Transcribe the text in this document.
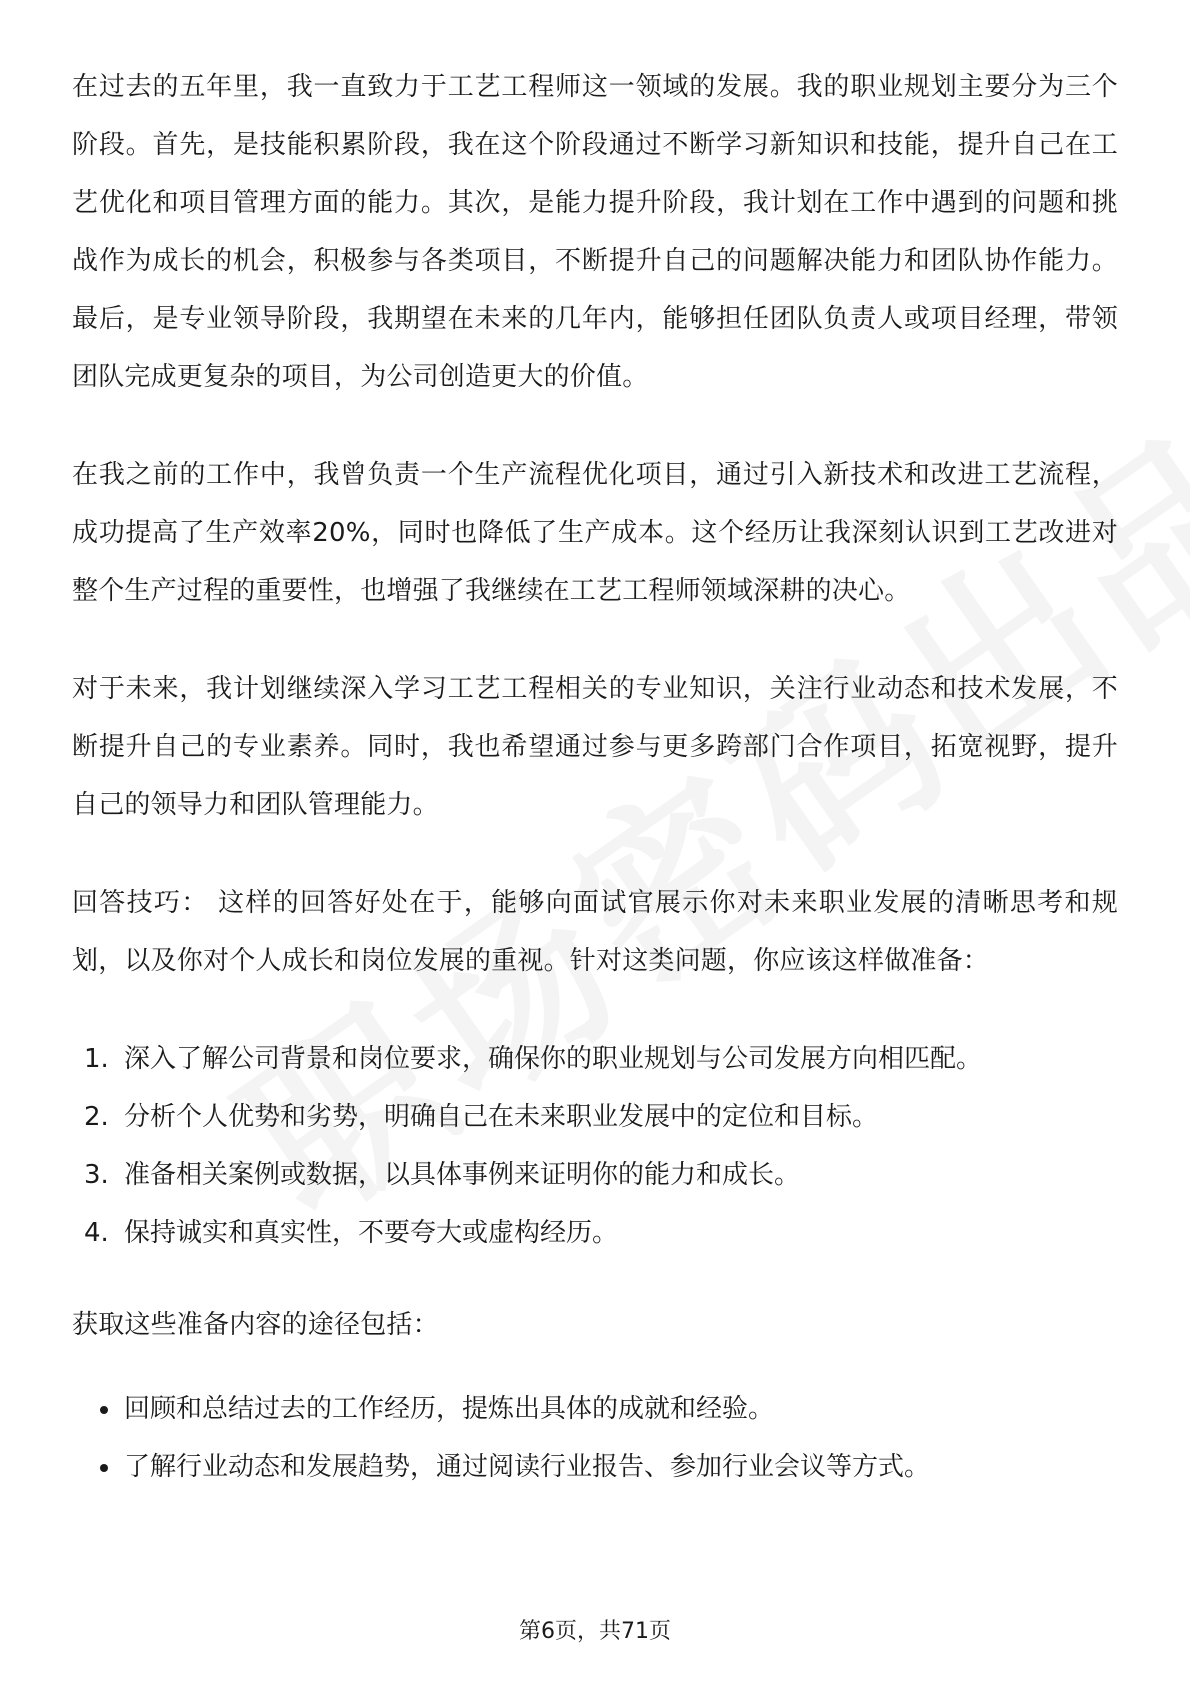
在过去的五年里，我一直致力于工艺工程师这一领域的发展。我的职业规划主要分为三个阶段。首先，是技能积累阶段，我在这个阶段通过不断学习新知识和技能，提升自己在工艺优化和项目管理方面的能力。其次，是能力提升阶段，我计划在工作中遇到的问题和挑战作为成长的机会，积极参与各类项目，不断提升自己的问题解决能力和团队协作能力。最后，是专业领导阶段，我期望在未来的几年内，能够担任团队负责人或项目经理，带领团队完成更复杂的项目，为公司创造更大的价值。

在我之前的工作中，我曾负责一个生产流程优化项目，通过引入新技术和改进工艺流程，成功提高了生产效率20%，同时也降低了生产成本。这个经历让我深刻认识到工艺改进对整个生产过程的重要性，也增强了我继续在工艺工程师领域深耕的决心。

对于未来，我计划继续深入学习工艺工程相关的专业知识，关注行业动态和技术发展，不断提升自己的专业素养。同时，我也希望通过参与更多跨部门合作项目，拓宽视野，提升自己的领导力和团队管理能力。

回答技巧： 这样的回答好处在于，能够向面试官展示你对未来职业发展的清晰思考和规划，以及你对个人成长和岗位发展的重视。针对这类问题，你应该这样做准备：

1. 深入了解公司背景和岗位要求，确保你的职业规划与公司发展方向相匹配。
2. 分析个人优势和劣势，明确自己在未来职业发展中的定位和目标。
3. 准备相关案例或数据，以具体事例来证明你的能力和成长。
4. 保持诚实和真实性，不要夸大或虚构经历。

获取这些准备内容的途径包括：

回顾和总结过去的工作经历，提炼出具体的成就和经验。
了解行业动态和发展趋势，通过阅读行业报告、参加行业会议等方式。
第6页，共71页
